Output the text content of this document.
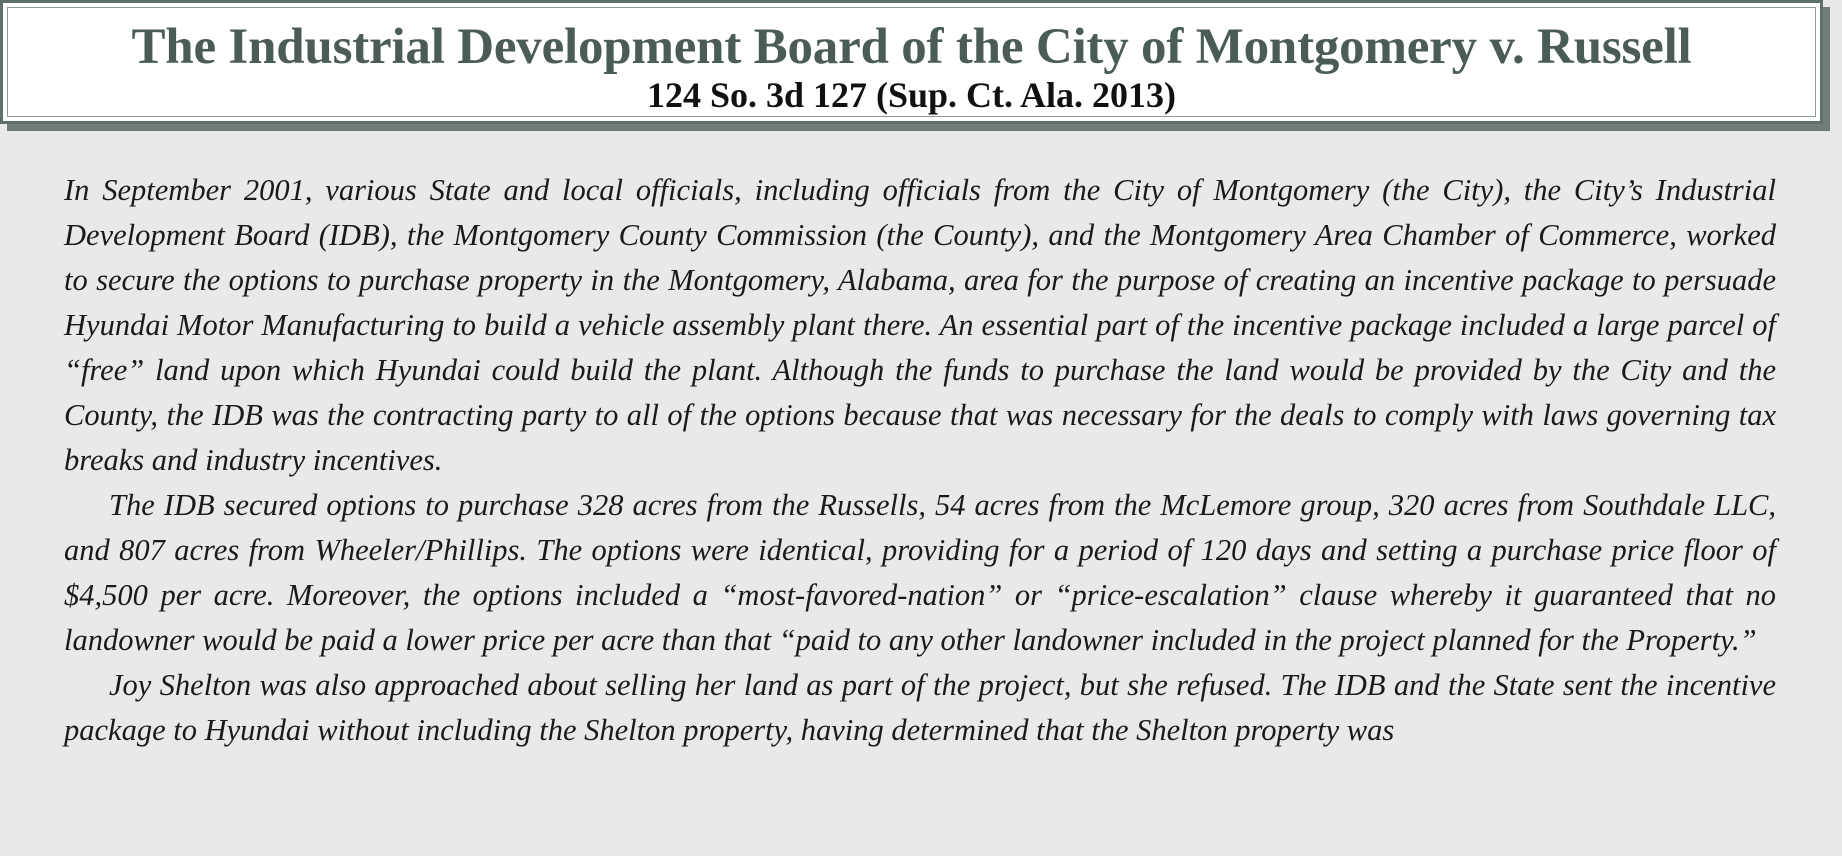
The Industrial Development Board of the City of Montgomery v. Russell

124 So. 3d 127 (Sup. Ct. Ala. 2013)

In September 2001, various State and local officials, including officials from the City of Montgomery (the City), the City’s Industrial Development Board (IDB), the Montgomery County Commission (the County), and the Montgomery Area Chamber of Commerce, worked to secure the options to purchase property in the Montgomery, Alabama, area for the purpose of creating an incentive package to persuade Hyundai Motor Manufacturing to build a vehicle assembly plant there. An essential part of the incentive package included a large parcel of “free” land upon which Hyundai could build the plant. Although the funds to purchase the land would be provided by the City and the County, the IDB was the contracting party to all of the options because that was necessary for the deals to comply with laws governing tax breaks and industry incentives.

The IDB secured options to purchase 328 acres from the Russells, 54 acres from the McLemore group, 320 acres from Southdale LLC, and 807 acres from Wheeler/Phillips. The options were identical, providing for a period of 120 days and setting a purchase price floor of $4,500 per acre. Moreover, the options included a “most-favored-nation” or “price-escalation” clause whereby it guaranteed that no landowner would be paid a lower price per acre than that “paid to any other landowner included in the project planned for the Property.”

Joy Shelton was also approached about selling her land as part of the project, but she refused. The IDB and the State sent the incentive package to Hyundai without including the Shelton property, having determined that the Shelton property was
